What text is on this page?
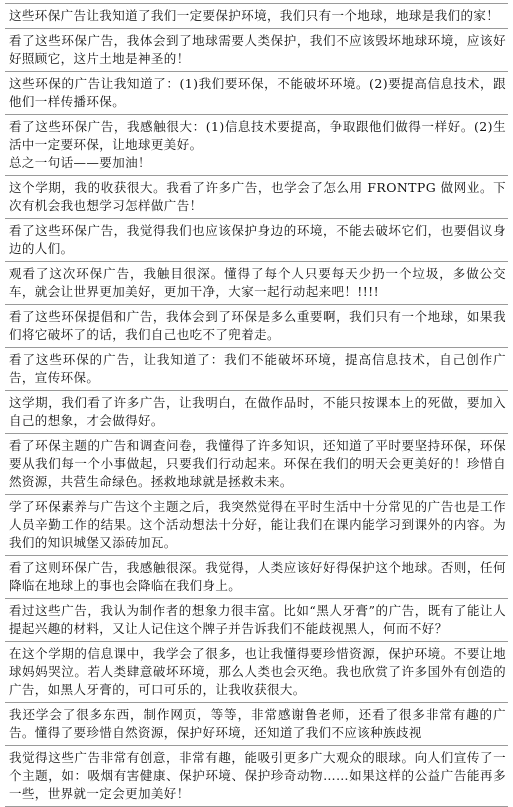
这些环保广告让我知道了我们一定要保护环境，我们只有一个地球，地球是我们的家！
看了这些环保广告，我体会到了地球需要人类保护，我们不应该毁坏地球环境，应该好好照顾它，这片土地是神圣的！
这些环保的广告让我知道了：(1)我们要环保，不能破坏环境。(2)要提高信息技术，跟他们一样传播环保。
看了这些环保广告，我感触很大：(1)信息技术要提高，争取跟他们做得一样好。(2)生活中一定要环保，让地球更美好。
总之一句话——要加油！
这个学期，我的收获很大。我看了许多广告，也学会了怎么用 FRONTPG 做网业。下次有机会我也想学习怎样做广告！
看了这些环保广告，我觉得我们也应该保护身边的环境，不能去破坏它们，也要倡议身边的人们。
观看了这次环保广告，我触目很深。懂得了每个人只要每天少扔一个垃圾，多做公交车，就会让世界更加美好，更加干净，大家一起行动起来吧！!!!!
看了这些环保提倡和广告，我体会到了环保是多么重要啊，我们只有一个地球，如果我们将它破坏了的话，我们自己也吃不了兜着走。
看了这些环保的广告，让我知道了：我们不能破坏环境，提高信息技术，自己创作广告，宣传环保。
这学期，我们看了许多广告，让我明白，在做作品时，不能只按课本上的死做，要加入自己的想象，才会做得好。
看了环保主题的广告和调查问卷，我懂得了许多知识，还知道了平时要坚持环保，环保要从我们每一个小事做起，只要我们行动起来。环保在我们的明天会更美好的！珍惜自然资源，共营生命绿色。拯救地球就是拯救未来。
学了环保素养与广告这个主题之后，我突然觉得在平时生活中十分常见的广告也是工作人员辛勤工作的结果。这个活动想法十分好，能让我们在课内能学习到课外的内容。为我们的知识城堡又添砖加瓦。
看了这则环保广告，我感触很深。我觉得，人类应该好好得保护这个地球。否则，任何降临在地球上的事也会降临在我们身上。
看过这些广告，我认为制作者的想象力很丰富。比如“黑人牙膏”的广告，既有了能让人提起兴趣的材料，又让人记住这个牌子并告诉我们不能歧视黑人，何而不好？
在这个学期的信息课中，我学会了很多，也让我懂得要珍惜资源，保护环境。不要让地球妈妈哭泣。若人类肆意破坏环境，那么人类也会灭绝。我也欣赏了许多国外有创造的广告，如黑人牙膏的，可口可乐的，让我收获很大。
我还学会了很多东西，制作网页，等等，非常感谢鲁老师，还看了很多非常有趣的广告。懂得了要珍惜自然资源，保护好环境，还知道了我们不应该种族歧视
我觉得这些广告非常有创意，非常有趣，能吸引更多广大观众的眼球。向人们宣传了一个主题，如：吸烟有害健康、保护环境、保护珍奇动物……如果这样的公益广告能再多一些，世界就一定会更加美好！
